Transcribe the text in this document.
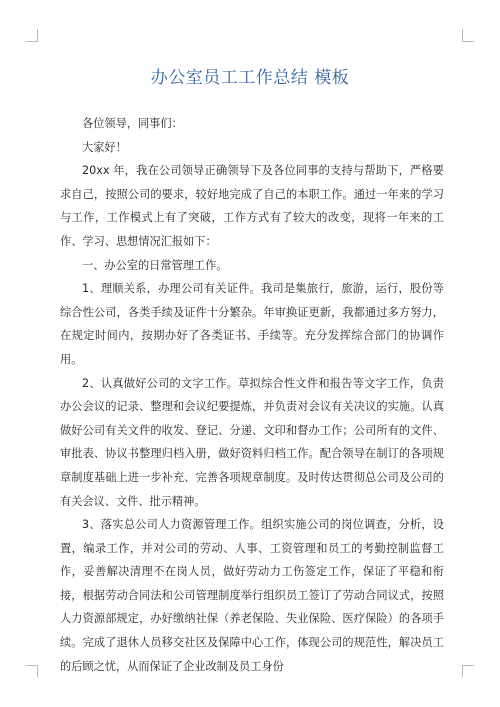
办公室员工工作总结 模板

各位领导，同事们：

大家好！

20xx 年，我在公司领导正确领导下及各位同事的支持与帮助下，严格要求自己，按照公司的要求，较好地完成了自己的本职工作。通过一年来的学习与工作，工作模式上有了突破，工作方式有了较大的改变，现将一年来的工作、学习、思想情况汇报如下：

一、办公室的日常管理工作。

1、理顺关系，办理公司有关证件。我司是集旅行，旅游，运行，股份等综合性公司，各类手续及证件十分繁杂。年审换证更新，我都通过多方努力，在规定时间内，按期办好了各类证书、手续等。充分发挥综合部门的协调作用。

2、认真做好公司的文字工作。草拟综合性文件和报告等文字工作，负责办公会议的记录、整理和会议纪要提炼，并负责对会议有关决议的实施。认真做好公司有关文件的收发、登记、分递、文印和督办工作；公司所有的文件、审批表、协议书整理归档入册，做好资料归档工作。配合领导在制订的各项规章制度基础上进一步补充、完善各项规章制度。及时传达贯彻总公司及公司的有关会议、文件、批示精神。

3、落实总公司人力资源管理工作。组织实施公司的岗位调查，分析，设置，编录工作，并对公司的劳动、人事、工资管理和员工的考勤控制监督工作，妥善解决清理不在岗人员，做好劳动力工伤签定工作，保证了平稳和衔接，根据劳动合同法和公司管理制度举行组织员工签订了劳动合同议式，按照人力资源部规定，办好缴纳社保（养老保险、失业保险、医疗保险）的各项手续。完成了退休人员移交社区及保障中心工作，体现公司的规范性，解决员工的后顾之忧，从而保证了企业改制及员工身份
